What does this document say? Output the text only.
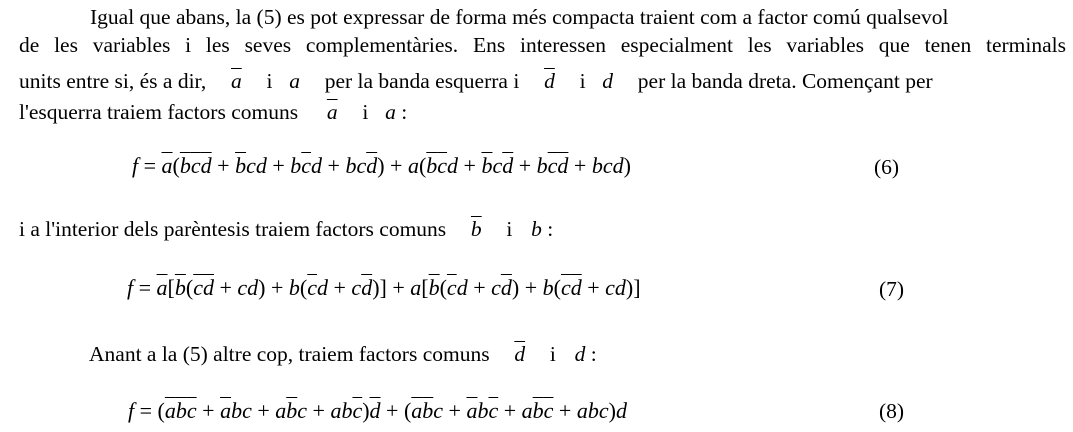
Igual que abans, la (5) es pot expressar de forma més compacta traient com a factor comú qualsevol
de les variables i les seves complementàries. Ens interessen especialment les variables que tenen terminals
units entre si, és a dir, $\overline{a}$ i a per la banda esquerra i $\overline{d}$ i d per la banda dreta. Començant per
l'esquerra traiem factors comuns $\overline{a}$ i a :
$f = \overline{a}(\overline{b}\overline{c}\overline{d} + \overline{b}cd + b\overline{c}d + bc\overline{d}) + a(\overline{b}\overline{c}d + \overline{b}c\overline{d} + b\overline{c}\overline{d} + bcd)$	(6)
i a l'interior dels parèntesis traiem factors comuns $\overline{b}$ i b :
$f = \overline{a}[\overline{b}(\overline{c}\overline{d} + cd) + b(\overline{c}d + c\overline{d})] + a[\overline{b}(\overline{c}d + c\overline{d}) + b(\overline{c}\overline{d} + cd)]$	(7)
Anant a la (5) altre cop, traiem factors comuns $\overline{d}$ i d :
$f = (\overline{a}\overline{b}\overline{c} + \overline{a}bc + a\overline{b}c + ab\overline{c})\overline{d} + (\overline{a}\overline{b}c + \overline{a}b\overline{c} + a\overline{b}\overline{c} + abc)d$	(8)
